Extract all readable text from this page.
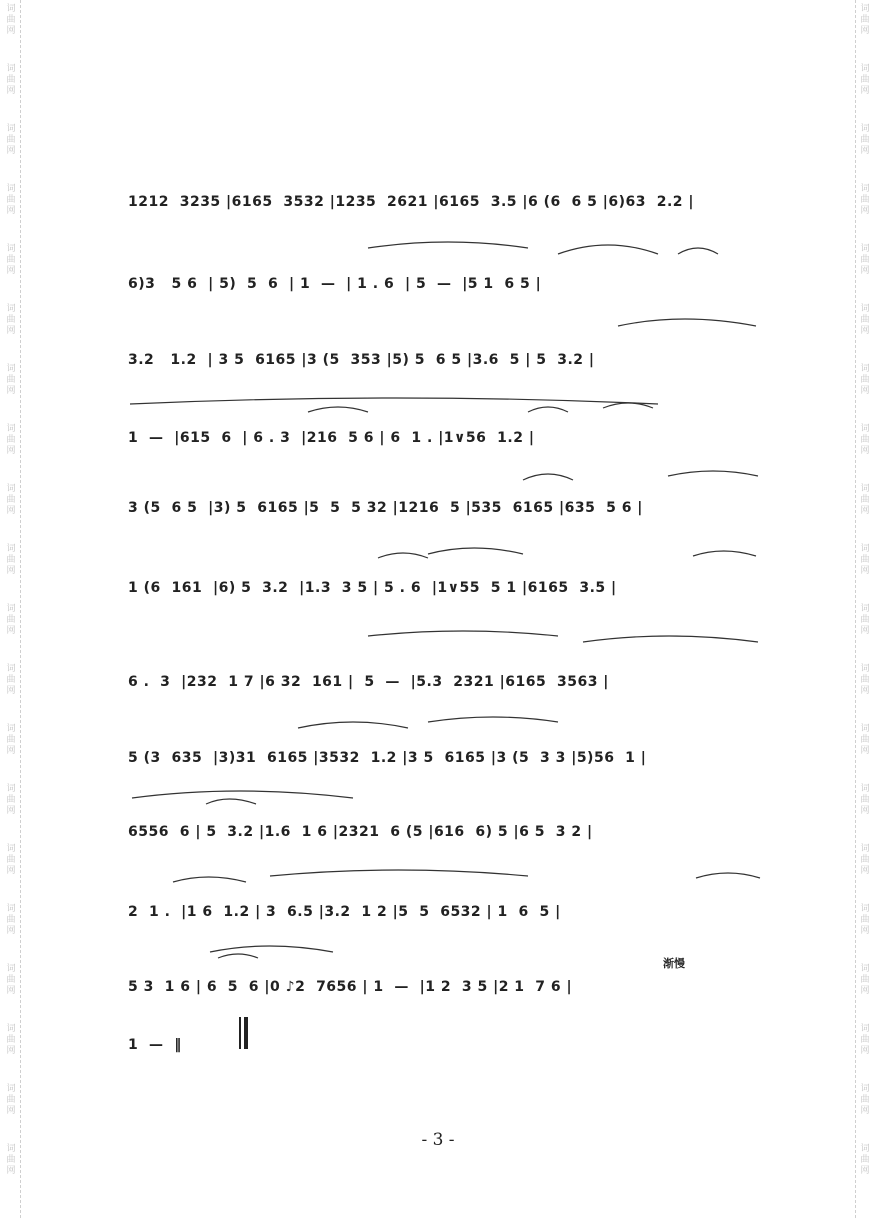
词
曲
网
词
曲
网
词
曲
网
词
曲
网
词
曲
网
词
曲
网
词
曲
网
词
曲
网
词
曲
网
词
曲
网
词
曲
网
词
曲
网
词
曲
网
词
曲
网
词
曲
网
词
曲
网
词
曲
网
词
曲
网
词
曲
网
词
曲
网
词
曲
网
词
曲
网
词
曲
网
词
曲
网
词
曲
网
词
曲
网
词
曲
网
词
曲
网
词
曲
网
词
曲
网
词
曲
网
词
曲
网
词
曲
网
词
曲
网
词
曲
网
词
曲
网
词
曲
网
词
曲
网
词
曲
网
词
曲
网
1212  3235 |6165  3532 |1235  2621 |6165  3.5 |6 (6  6 5 |6)63  2.2 |
6)3   5 6  | 5)  5  6  | 1  —  | 1 . 6  | 5  —  |5 1  6 5 |
3.2   1.2  | 3 5  6165 |3 (5  353 |5) 5  6 5 |3.6  5 | 5  3.2 |
1  —  |615  6  | 6 . 3  |216  5 6 | 6  1 . |1∨56  1.2 |
3 (5  6 5  |3) 5  6165 |5  5  5 32 |1216  5 |535  6165 |635  5 6 |
1 (6  161  |6) 5  3.2  |1.3  3 5 | 5 . 6  |1∨55  5 1 |6165  3.5 |
6 .  3  |232  1 7 |6 32  161 |  5  —  |5.3  2321 |6165  3563 |
5 (3  635  |3)31  6165 |3532  1.2 |3 5  6165 |3 (5  3 3 |5)56  1 |
6556  6 | 5  3.2 |1.6  1 6 |2321  6 (5 |616  6) 5 |6 5  3 2 |
2  1 .  |1 6  1.2 | 3  6.5 |3.2  1 2 |5  5  6532 | 1  6  5 |
渐慢
5 3  1 6 | 6  5  6 |0 ♪2  7656 | 1  —  |1 2  3 5 |2 1  7 6 |
1  —  ‖
- 3 -
